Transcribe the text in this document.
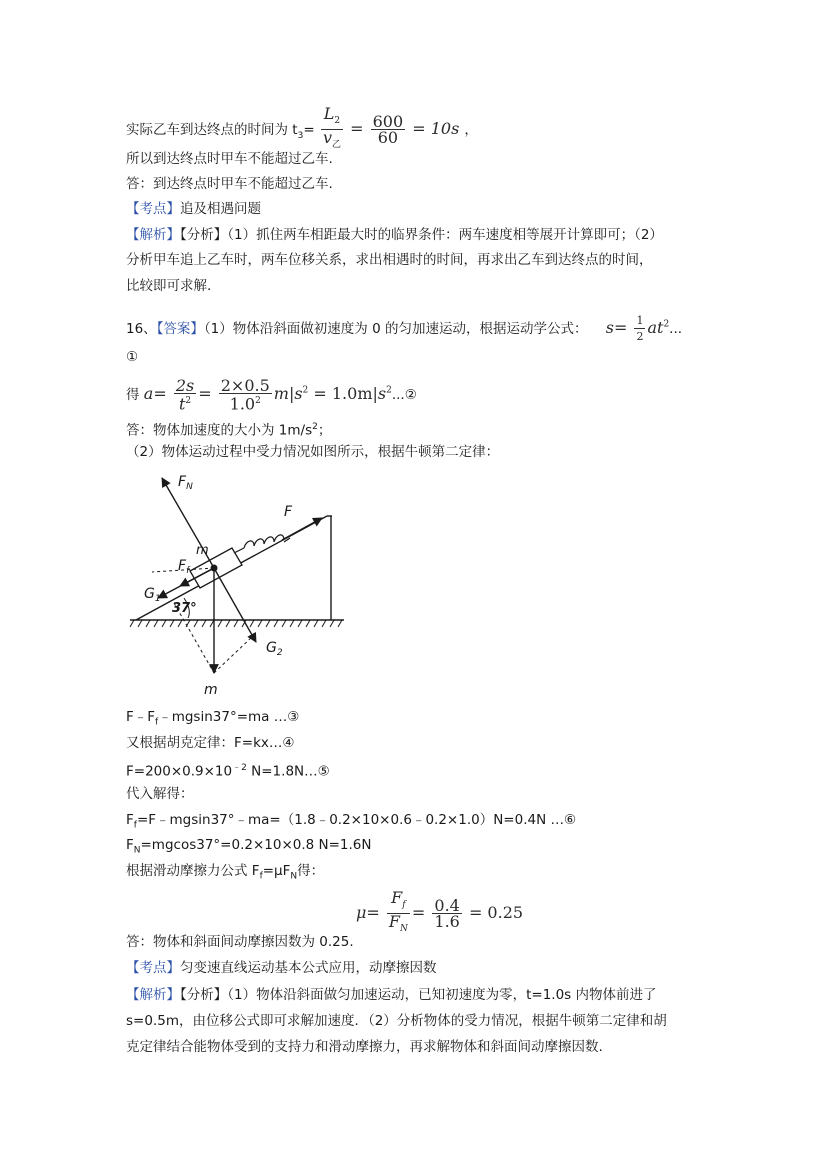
实际乙车到达终点的时间为 $t_3= \frac{L_2}{v_乙} = \frac{600}{60} = 10s$ ，
所以到达终点时甲车不能超过乙车.
答：到达终点时甲车不能超过乙车.
【考点】追及相遇问题
【解析】【分析】（1）抓住两车相距最大时的临界条件：两车速度相等展开计算即可；（2）
分析甲车追上乙车时，两车位移关系，求出相遇时的时间，再求出乙车到达终点的时间，
比较即可求解.
16、【答案】（1）物体沿斜面做初速度为 0 的匀加速运动，根据运动学公式： $s= \frac{1}{2} at^2$...
①
得 $a= \frac{2s}{t^2} = \frac{2\times 0.5}{1.0^2} m|s^2$ = $1.0m|s^2...②$
答：物体加速度的大小为 $1m/s^2$；
（2）物体运动过程中受力情况如图所示，根据牛顿第二定律：
$F_N$
F
m
$F_f$
$G_1$
37°
$G_2$
m
$F﹣F_f﹣mgsin37^\circ=ma$ …③
又根据胡克定律：F=kx…④
$F=200\times 0.9\times 10^{﹣2}$ N=1.8N…⑤
代入解得：
$F_f=F﹣mgsin37^\circ﹣ma=(1.8﹣0.2\times 10\times 0.6﹣0.2\times 1.0)N=0.4N$ …⑥
$F_N=mgcos37^\circ=0.2\times 10\times 0.8$ N=1.6N
根据滑动摩擦力公式 $F_f=\mu F_N$得：
$\mu= \frac{F_f}{F_N} = \frac{0.4}{1.6} = 0.25$
答：物体和斜面间动摩擦因数为 0.25.
【考点】匀变速直线运动基本公式应用，动摩擦因数
【解析】【分析】（1）物体沿斜面做匀加速运动，已知初速度为零，t=1.0s 内物体前进了
s=0.5m，由位移公式即可求解加速度．（2）分析物体的受力情况，根据牛顿第二定律和胡
克定律结合能物体受到的支持力和滑动摩擦力，再求解物体和斜面间动摩擦因数.
